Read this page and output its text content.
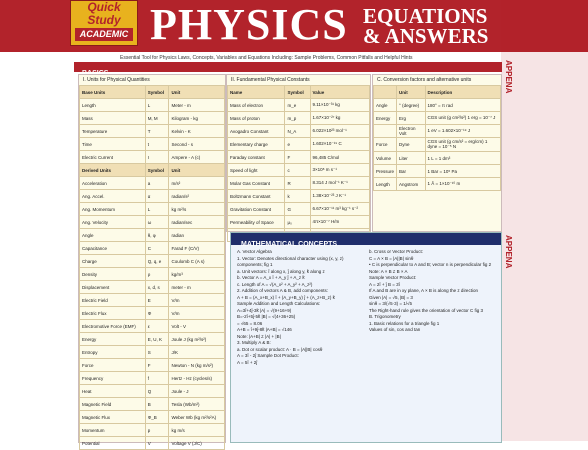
Quick
Study
ACADEMIC PHYSICS EQUATIONS
& ANSWERS
Essential Tool for Physics Laws, Concepts, Variables and Equations Including: Sample Problems, Common Pitfalls and Helpful Hints
APPENA
APPENA
I. Units for Physical Quantities
Base Units	Symbol	Unit
Length	L	Meter - m
Mass	M, M	Kilogram - kg
Temperature	T	Kelvin - K
Time	t	Second - s
Electric Current	I	Ampere - A (c)
Derived Units	Symbol	Unit
Acceleration	a	m/s²
Ang. Accel.	α	radian/s²
Ang. Momentum	L	kg m²/s
Ang. Velocity	ω	radian/sec
Angle	θ, φ	radian
Capacitance	C	Farad F (C/V)
Charge	Q, q, e	Coulomb C (A s)
Density	ρ	kg/m³
Displacement	x, d, s	meter - m
Electric Field	E	V/m
Electric Flux	Φ	V/m
Electromotive Force (EMF)	ε	Volt - V
Energy	E, U, K	Joule J (kg m²/s²)
Entropy	S	J/K
Force	F	Newton - N (kg m/s²)
Frequency	f	Hertz - Hz (cycles/s)
Heat	Q	Joule - J
Magnetic Field	B	Tesla (Wb/m²)
Magnetic Flux	Φ_B	Weber Wb (kg m²/s²A)
Momentum	p	kg m/s
Potential	V	Voltage V (J/C)
II. Fundamental Physical Constants
Name	Symbol	Value
Mass of electron	m_e	9.11×10⁻³¹ kg
Mass of proton	m_p	1.67×10⁻²⁷ kg
Avogadro Constant	N_A	6.022×10²³ mol⁻¹
Elementary charge	e	1.602×10⁻¹⁹ C
Faraday constant	F	96,485 C/mol
Speed of light	c	3×10⁸ m s⁻¹
Molar Gas Constant	R	8.314 J mol⁻¹ K⁻¹
Boltzmann Constant	k	1.38×10⁻²³ J K⁻¹
Gravitation Constant	G	6.67×10⁻¹¹ m³ kg⁻¹ s⁻²
Permeability of Space	μ₀	4π×10⁻⁷ H/m

C. Conversion factors and alternative units
	Unit	Description
Angle	° (degree)	180° = π rad
Energy	Erg	CGS unit (g cm²/s²) 1 erg = 10⁻⁷ J
	Electron Volt	1 eV = 1.602×10⁻¹⁹ J
Force	Dyne	CGS unit (g cm/s² = erg/cm) 1 dyne = 10⁻⁵ N
Volume	Liter	1 L = 1 dm³
Pressure	Bar	1 Bar = 10⁵ Pa
Length	Angstrom	1 Å = 1×10⁻¹⁰ m
MATHEMATICAL CONCEPTS
A. Vector Algebra
1. Vector: Denotes directional character using (x, y, z) components; fig 1
a. Unit vectors: î along x, ĵ along y, k̂ along z
b. Vector A = A_x î + A_y ĵ + A_z k̂
c. Length of A = √(A_x² + A_y² + A_z²)
2. Addition of vectors A & B, add components:
A + B = (A_x+B_x) î + (A_y+B_y) ĵ + (A_z+B_z) k̂
Sample Addition and Length Calculations:
A=3î+4ĵ-3k̂ |A| = √(9+16+9)
B=-2î+5ĵ-5k̂ |B| = √(4+36+25)
= √65 = 8.06
A+B = î+9ĵ-8k̂ |A+B| = √146
Note: |A+B| ≠ |A| + |B|
3. Multiply A & B:
a. Dot or scalar product: A · B = |A||B| cosθ
A = 3î - 2ĵ Sample Dot Product:
A = 5î + 2ĵ
b. Cross or Vector Product:
C = A × B = |A||B| sinθ
• C is perpendicular to A and B; vector n is perpendicular fig 2
Note: A × B ≠ B × A
Sample Vector Product:
A = 2î + ĵ B = 3î
If A and B are in xy plane, A × B is along the z direction
Given |A| = √5, |B| = 3
sinθ = 3/(√5·3) = 1/√5
The Right-hand rule gives the orientation of vector C fig 3
B. Trigonometry
1. Basic relations for a triangle fig 1
Values of sin, cos and tan
